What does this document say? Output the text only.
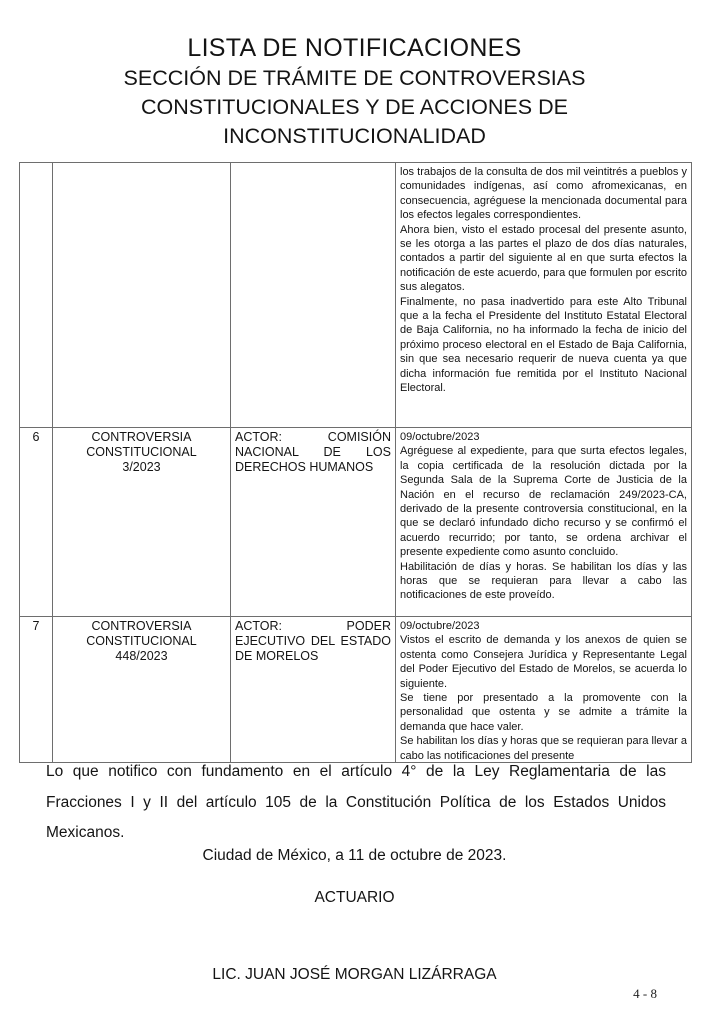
LISTA DE NOTIFICACIONES
SECCIÓN DE TRÁMITE DE CONTROVERSIAS CONSTITUCIONALES Y DE ACCIONES DE INCONSTITUCIONALIDAD

			los trabajos de la consulta de dos mil veintitrés a pueblos y comunidades indígenas, así como afromexicanas, en consecuencia, agréguese la mencionada documental para los efectos legales correspondientes.

Ahora bien, visto el estado procesal del presente asunto, se les otorga a las partes el plazo de dos días naturales, contados a partir del siguiente al en que surta efectos la notificación de este acuerdo, para que formulen por escrito sus alegatos.

Finalmente, no pasa inadvertido para este Alto Tribunal que a la fecha el Presidente del Instituto Estatal Electoral de Baja California, no ha informado la fecha de inicio del próximo proceso electoral en el Estado de Baja California, sin que sea necesario requerir de nueva cuenta ya que dicha información fue remitida por el Instituto Nacional Electoral.

6	CONTROVERSIA CONSTITUCIONAL 3/2023	ACTOR: COMISIÓN NACIONAL DE LOS DERECHOS HUMANOS	09/octubre/2023

Agréguese al expediente, para que surta efectos legales, la copia certificada de la resolución dictada por la Segunda Sala de la Suprema Corte de Justicia de la Nación en el recurso de reclamación 249/2023-CA, derivado de la presente controversia constitucional, en la que se declaró infundado dicho recurso y se confirmó el acuerdo recurrido; por tanto, se ordena archivar el presente expediente como asunto concluido.

Habilitación de días y horas. Se habilitan los días y las horas que se requieran para llevar a cabo las notificaciones de este proveído.

7	CONTROVERSIA CONSTITUCIONAL 448/2023	ACTOR: PODER EJECUTIVO DEL ESTADO DE MORELOS	09/octubre/2023

Vistos el escrito de demanda y los anexos de quien se ostenta como Consejera Jurídica y Representante Legal del Poder Ejecutivo del Estado de Morelos, se acuerda lo siguiente.

Se tiene por presentado a la promovente con la personalidad que ostenta y se admite a trámite la demanda que hace valer.

Se habilitan los días y horas que se requieran para llevar a cabo las notificaciones del presente

Lo que notifico con fundamento en el artículo 4° de la Ley Reglamentaria de las Fracciones I y II del artículo 105 de la Constitución Política de los Estados Unidos Mexicanos.
Ciudad de México, a 11 de octubre de 2023.
ACTUARIO
LIC. JUAN JOSÉ MORGAN LIZÁRRAGA
4 - 8
